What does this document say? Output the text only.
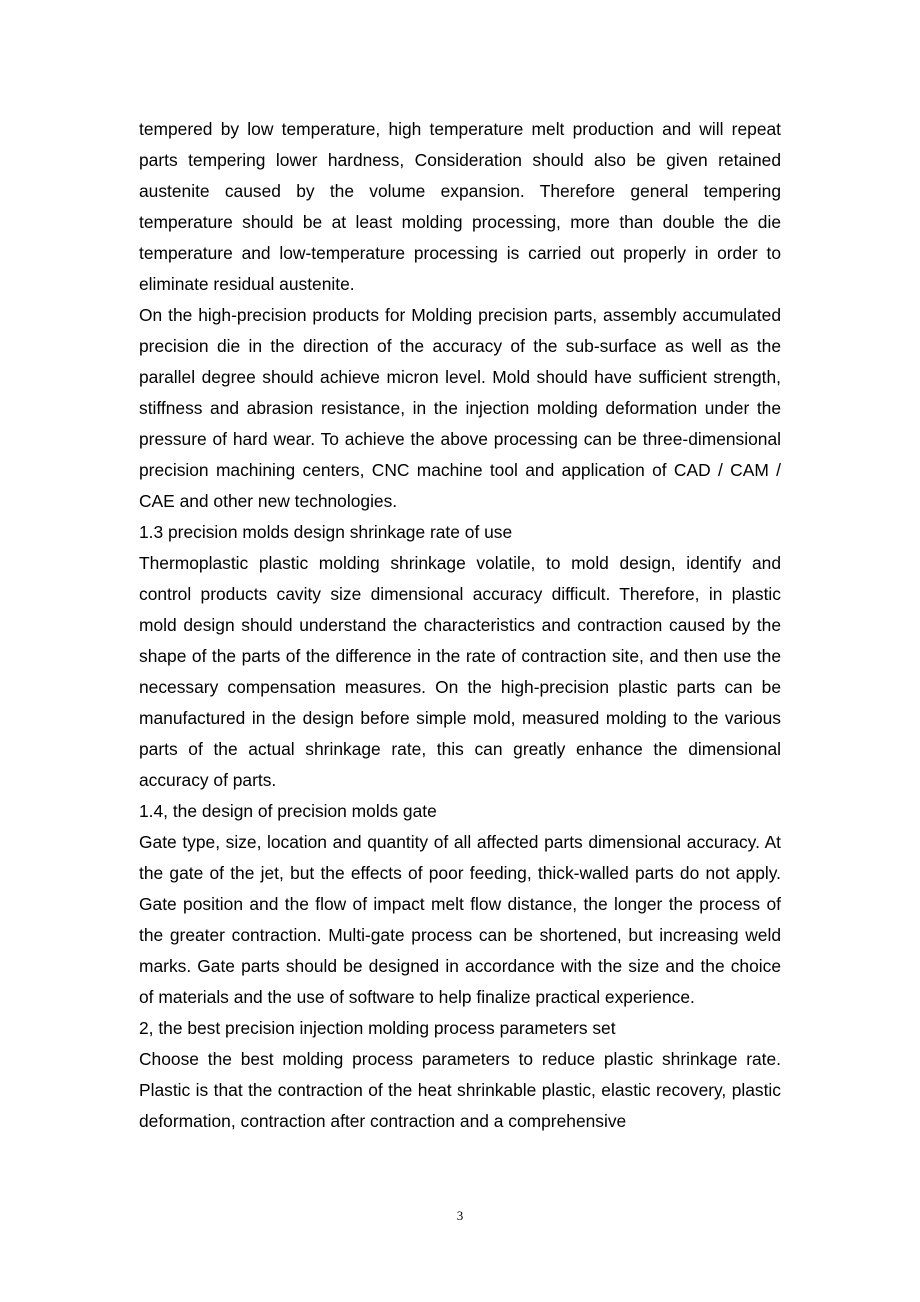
tempered by low temperature, high temperature melt production and will repeat parts tempering lower hardness, Consideration should also be given retained austenite caused by the volume expansion. Therefore general tempering temperature should be at least molding processing, more than double the die temperature and low-temperature processing is carried out properly in order to eliminate residual austenite.

On the high-precision products for Molding precision parts, assembly accumulated precision die in the direction of the accuracy of the sub-surface as well as the parallel degree should achieve micron level. Mold should have sufficient strength, stiffness and abrasion resistance, in the injection molding deformation under the pressure of hard wear. To achieve the above processing can be three-dimensional precision machining centers, CNC machine tool and application of CAD / CAM / CAE and other new technologies.

1.3 precision molds design shrinkage rate of use

Thermoplastic plastic molding shrinkage volatile, to mold design, identify and control products cavity size dimensional accuracy difficult. Therefore, in plastic mold design should understand the characteristics and contraction caused by the shape of the parts of the difference in the rate of contraction site, and then use the necessary compensation measures. On the high-precision plastic parts can be manufactured in the design before simple mold, measured molding to the various parts of the actual shrinkage rate, this can greatly enhance the dimensional accuracy of parts.

1.4, the design of precision molds gate

Gate type, size, location and quantity of all affected parts dimensional accuracy. At the gate of the jet, but the effects of poor feeding, thick-walled parts do not apply. Gate position and the flow of impact melt flow distance, the longer the process of the greater contraction. Multi-gate process can be shortened, but increasing weld marks. Gate parts should be designed in accordance with the size and the choice of materials and the use of software to help finalize practical experience.

2, the best precision injection molding process parameters set

Choose the best molding process parameters to reduce plastic shrinkage rate. Plastic is that the contraction of the heat shrinkable plastic, elastic recovery, plastic deformation, contraction after contraction and a comprehensive

3
